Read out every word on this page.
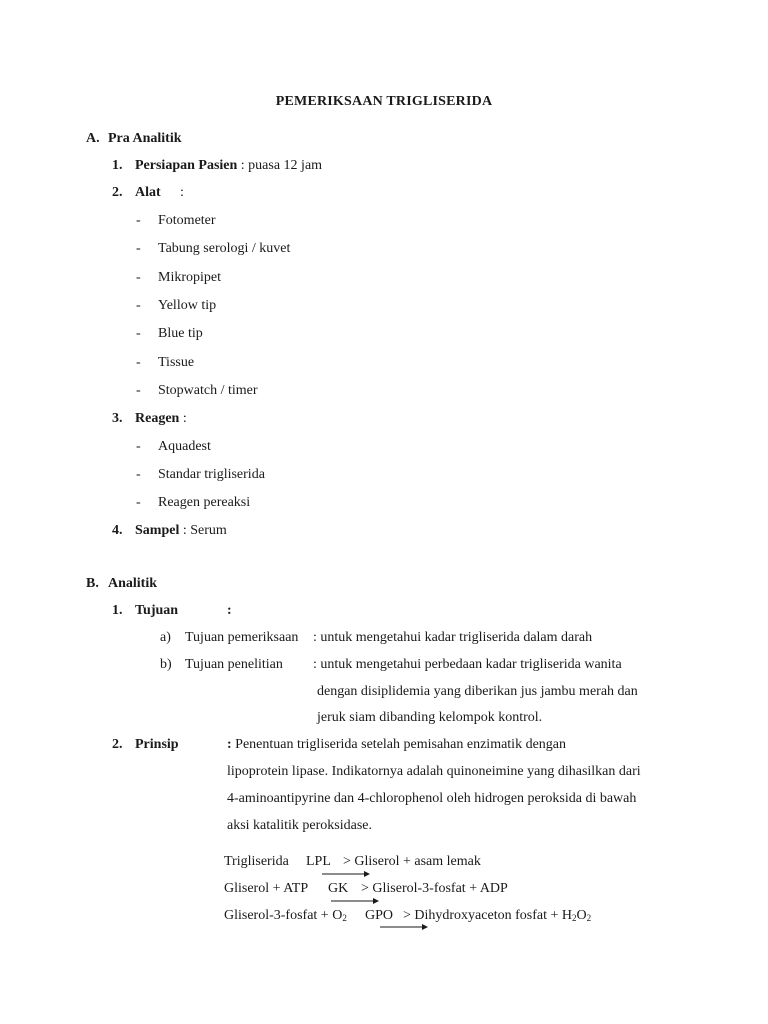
PEMERIKSAAN TRIGLISERIDA
A. Pra Analitik
1. Persiapan Pasien : puasa 12 jam
2. Alat :
- Fotometer
- Tabung serologi / kuvet
- Mikropipet
- Yellow tip
- Blue tip
- Tissue
- Stopwatch / timer
3. Reagen :
- Aquadest
- Standar trigliserida
- Reagen pereaksi
4. Sampel : Serum
B. Analitik
1. Tujuan	:
a) Tujuan pemeriksaan : untuk mengetahui kadar trigliserida dalam darah
b) Tujuan penelitian : untuk mengetahui perbedaan kadar trigliserida wanita
dengan disiplidemia yang diberikan jus jambu merah dan
jeruk siam dibanding kelompok kontrol.
2. Prinsip	: Penentuan trigliserida setelah pemisahan enzimatik dengan
lipoprotein lipase. Indikatornya adalah quinoneimine yang dihasilkan dari
4-aminoantipyrine dan 4-chlorophenol oleh hidrogen peroksida di bawah
aksi katalitik peroksidase.
Trigliserida LPL > Gliserol + asam lemak
Gliserol + ATP GK > Gliserol-3-fosfat + ADP
Gliserol-3-fosfat + $O_2$ GPO > Dihydroxyaceton fosfat + $H_2O_2$
